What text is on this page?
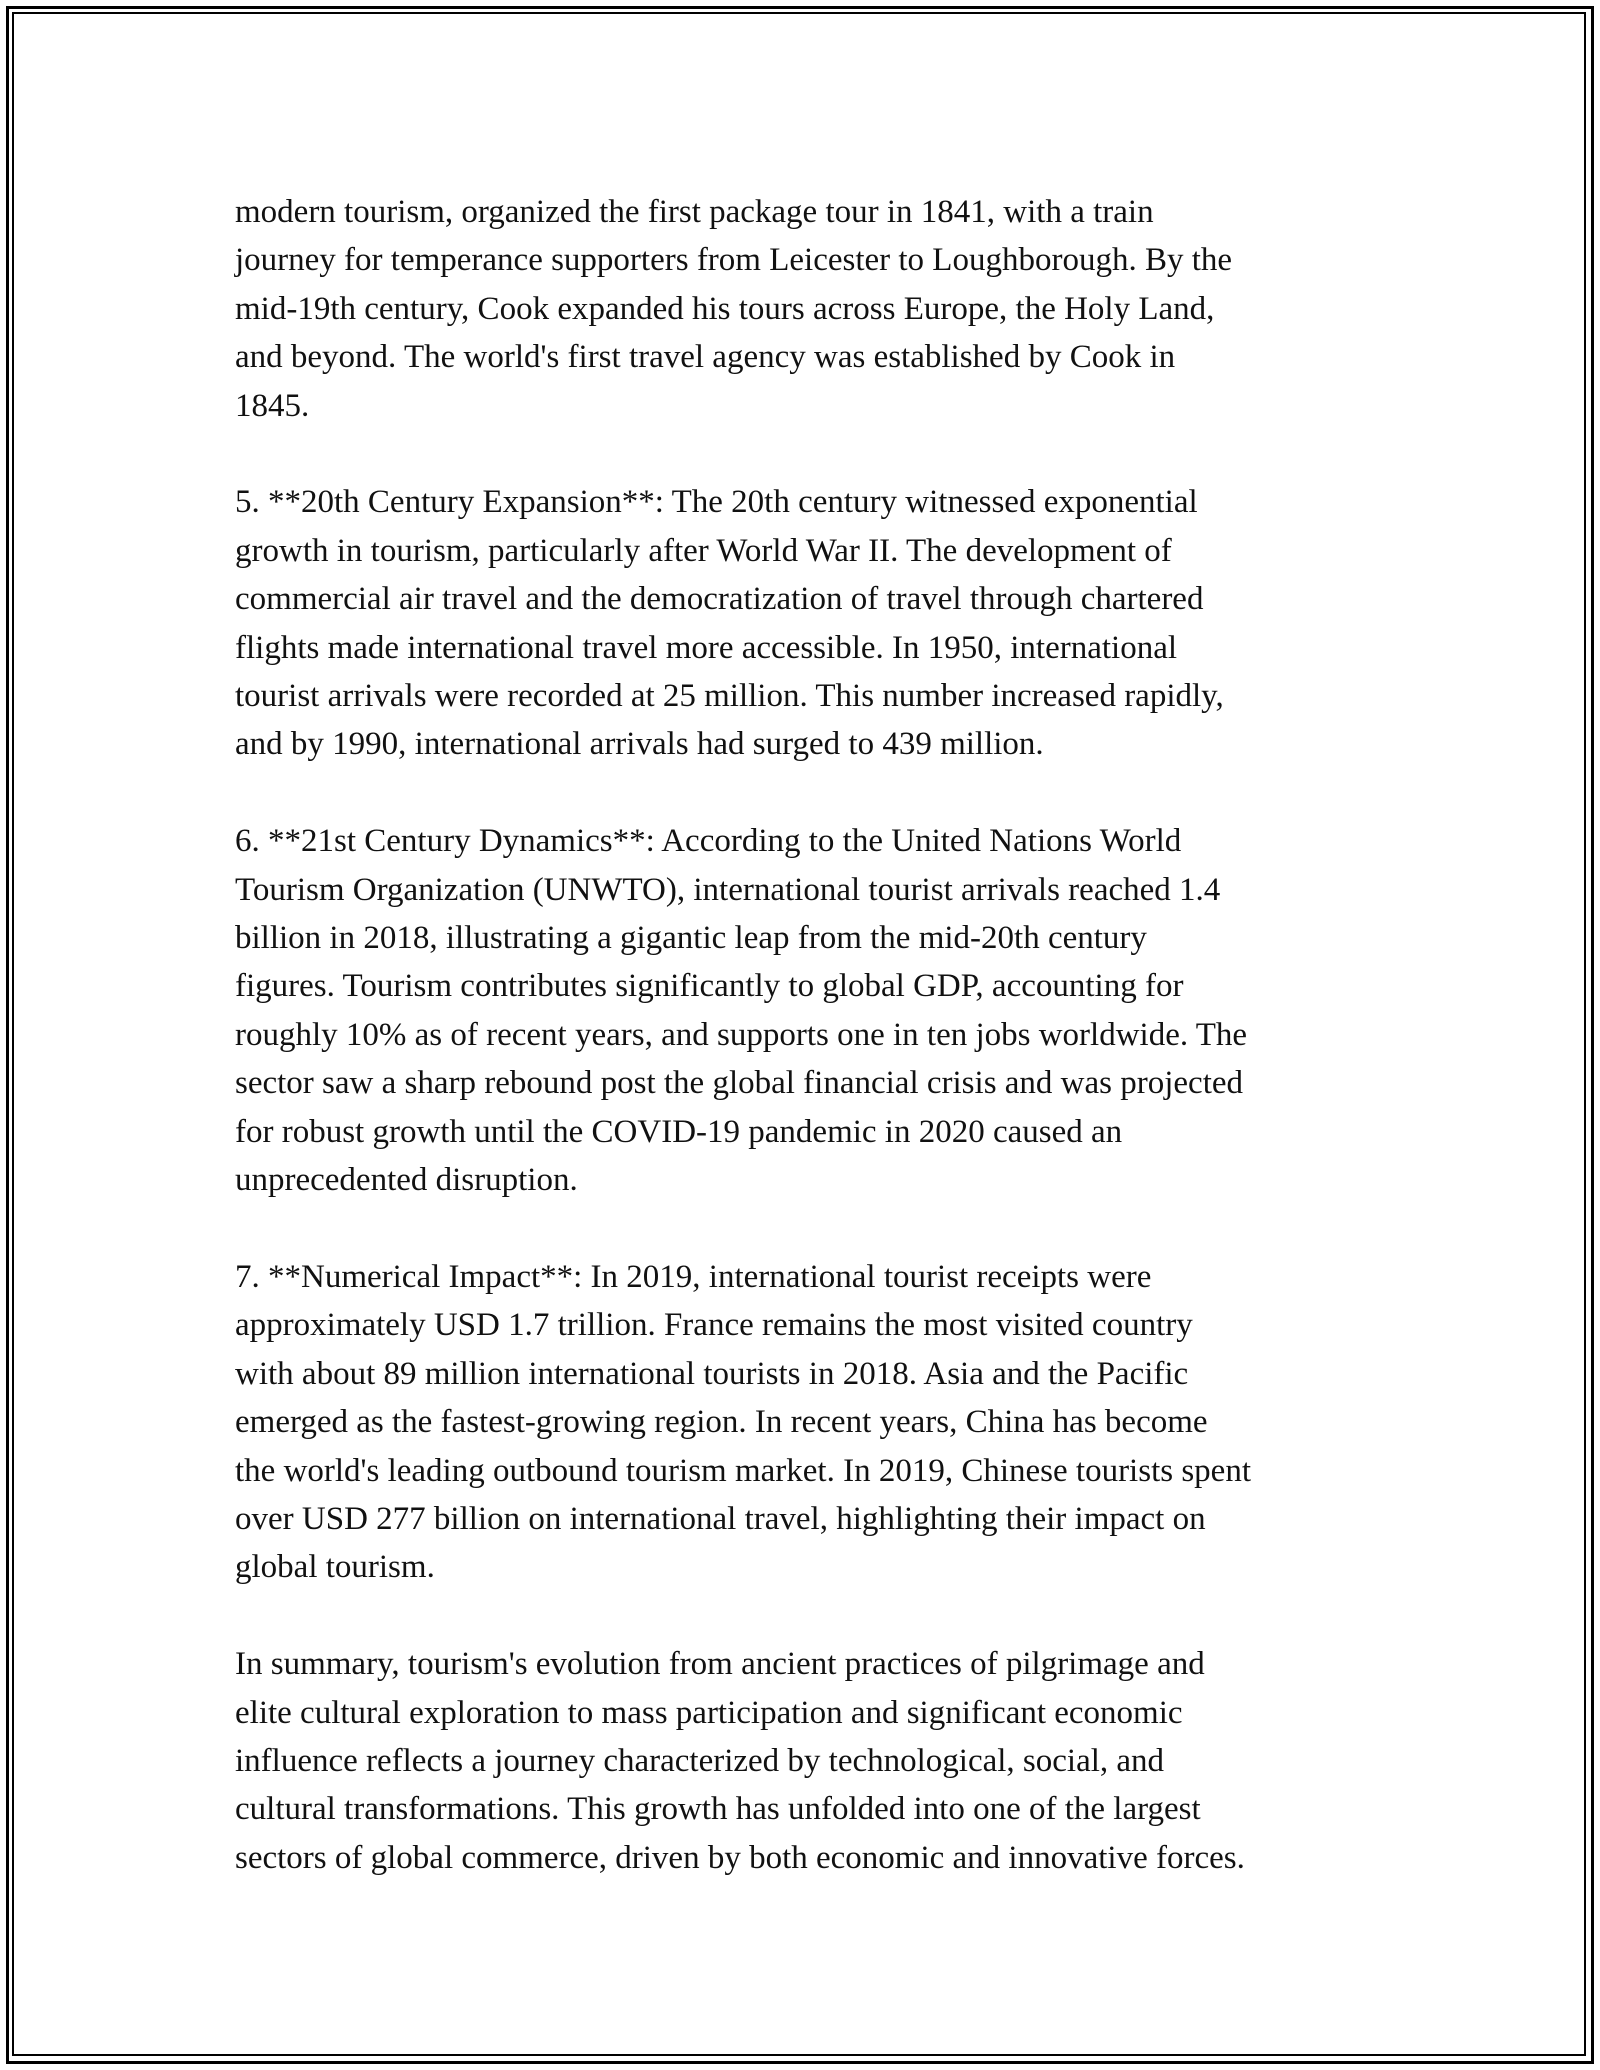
modern tourism, organized the first package tour in 1841, with a train
journey for temperance supporters from Leicester to Loughborough. By the
mid-19th century, Cook expanded his tours across Europe, the Holy Land,
and beyond. The world's first travel agency was established by Cook in
1845.

5. **20th Century Expansion**: The 20th century witnessed exponential
growth in tourism, particularly after World War II. The development of
commercial air travel and the democratization of travel through chartered
flights made international travel more accessible. In 1950, international
tourist arrivals were recorded at 25 million. This number increased rapidly,
and by 1990, international arrivals had surged to 439 million.

6. **21st Century Dynamics**: According to the United Nations World
Tourism Organization (UNWTO), international tourist arrivals reached 1.4
billion in 2018, illustrating a gigantic leap from the mid-20th century
figures. Tourism contributes significantly to global GDP, accounting for
roughly 10% as of recent years, and supports one in ten jobs worldwide. The
sector saw a sharp rebound post the global financial crisis and was projected
for robust growth until the COVID-19 pandemic in 2020 caused an
unprecedented disruption.

7. **Numerical Impact**: In 2019, international tourist receipts were
approximately USD 1.7 trillion. France remains the most visited country
with about 89 million international tourists in 2018. Asia and the Pacific
emerged as the fastest-growing region. In recent years, China has become
the world's leading outbound tourism market. In 2019, Chinese tourists spent
over USD 277 billion on international travel, highlighting their impact on
global tourism.

In summary, tourism's evolution from ancient practices of pilgrimage and
elite cultural exploration to mass participation and significant economic
influence reflects a journey characterized by technological, social, and
cultural transformations. This growth has unfolded into one of the largest
sectors of global commerce, driven by both economic and innovative forces.
